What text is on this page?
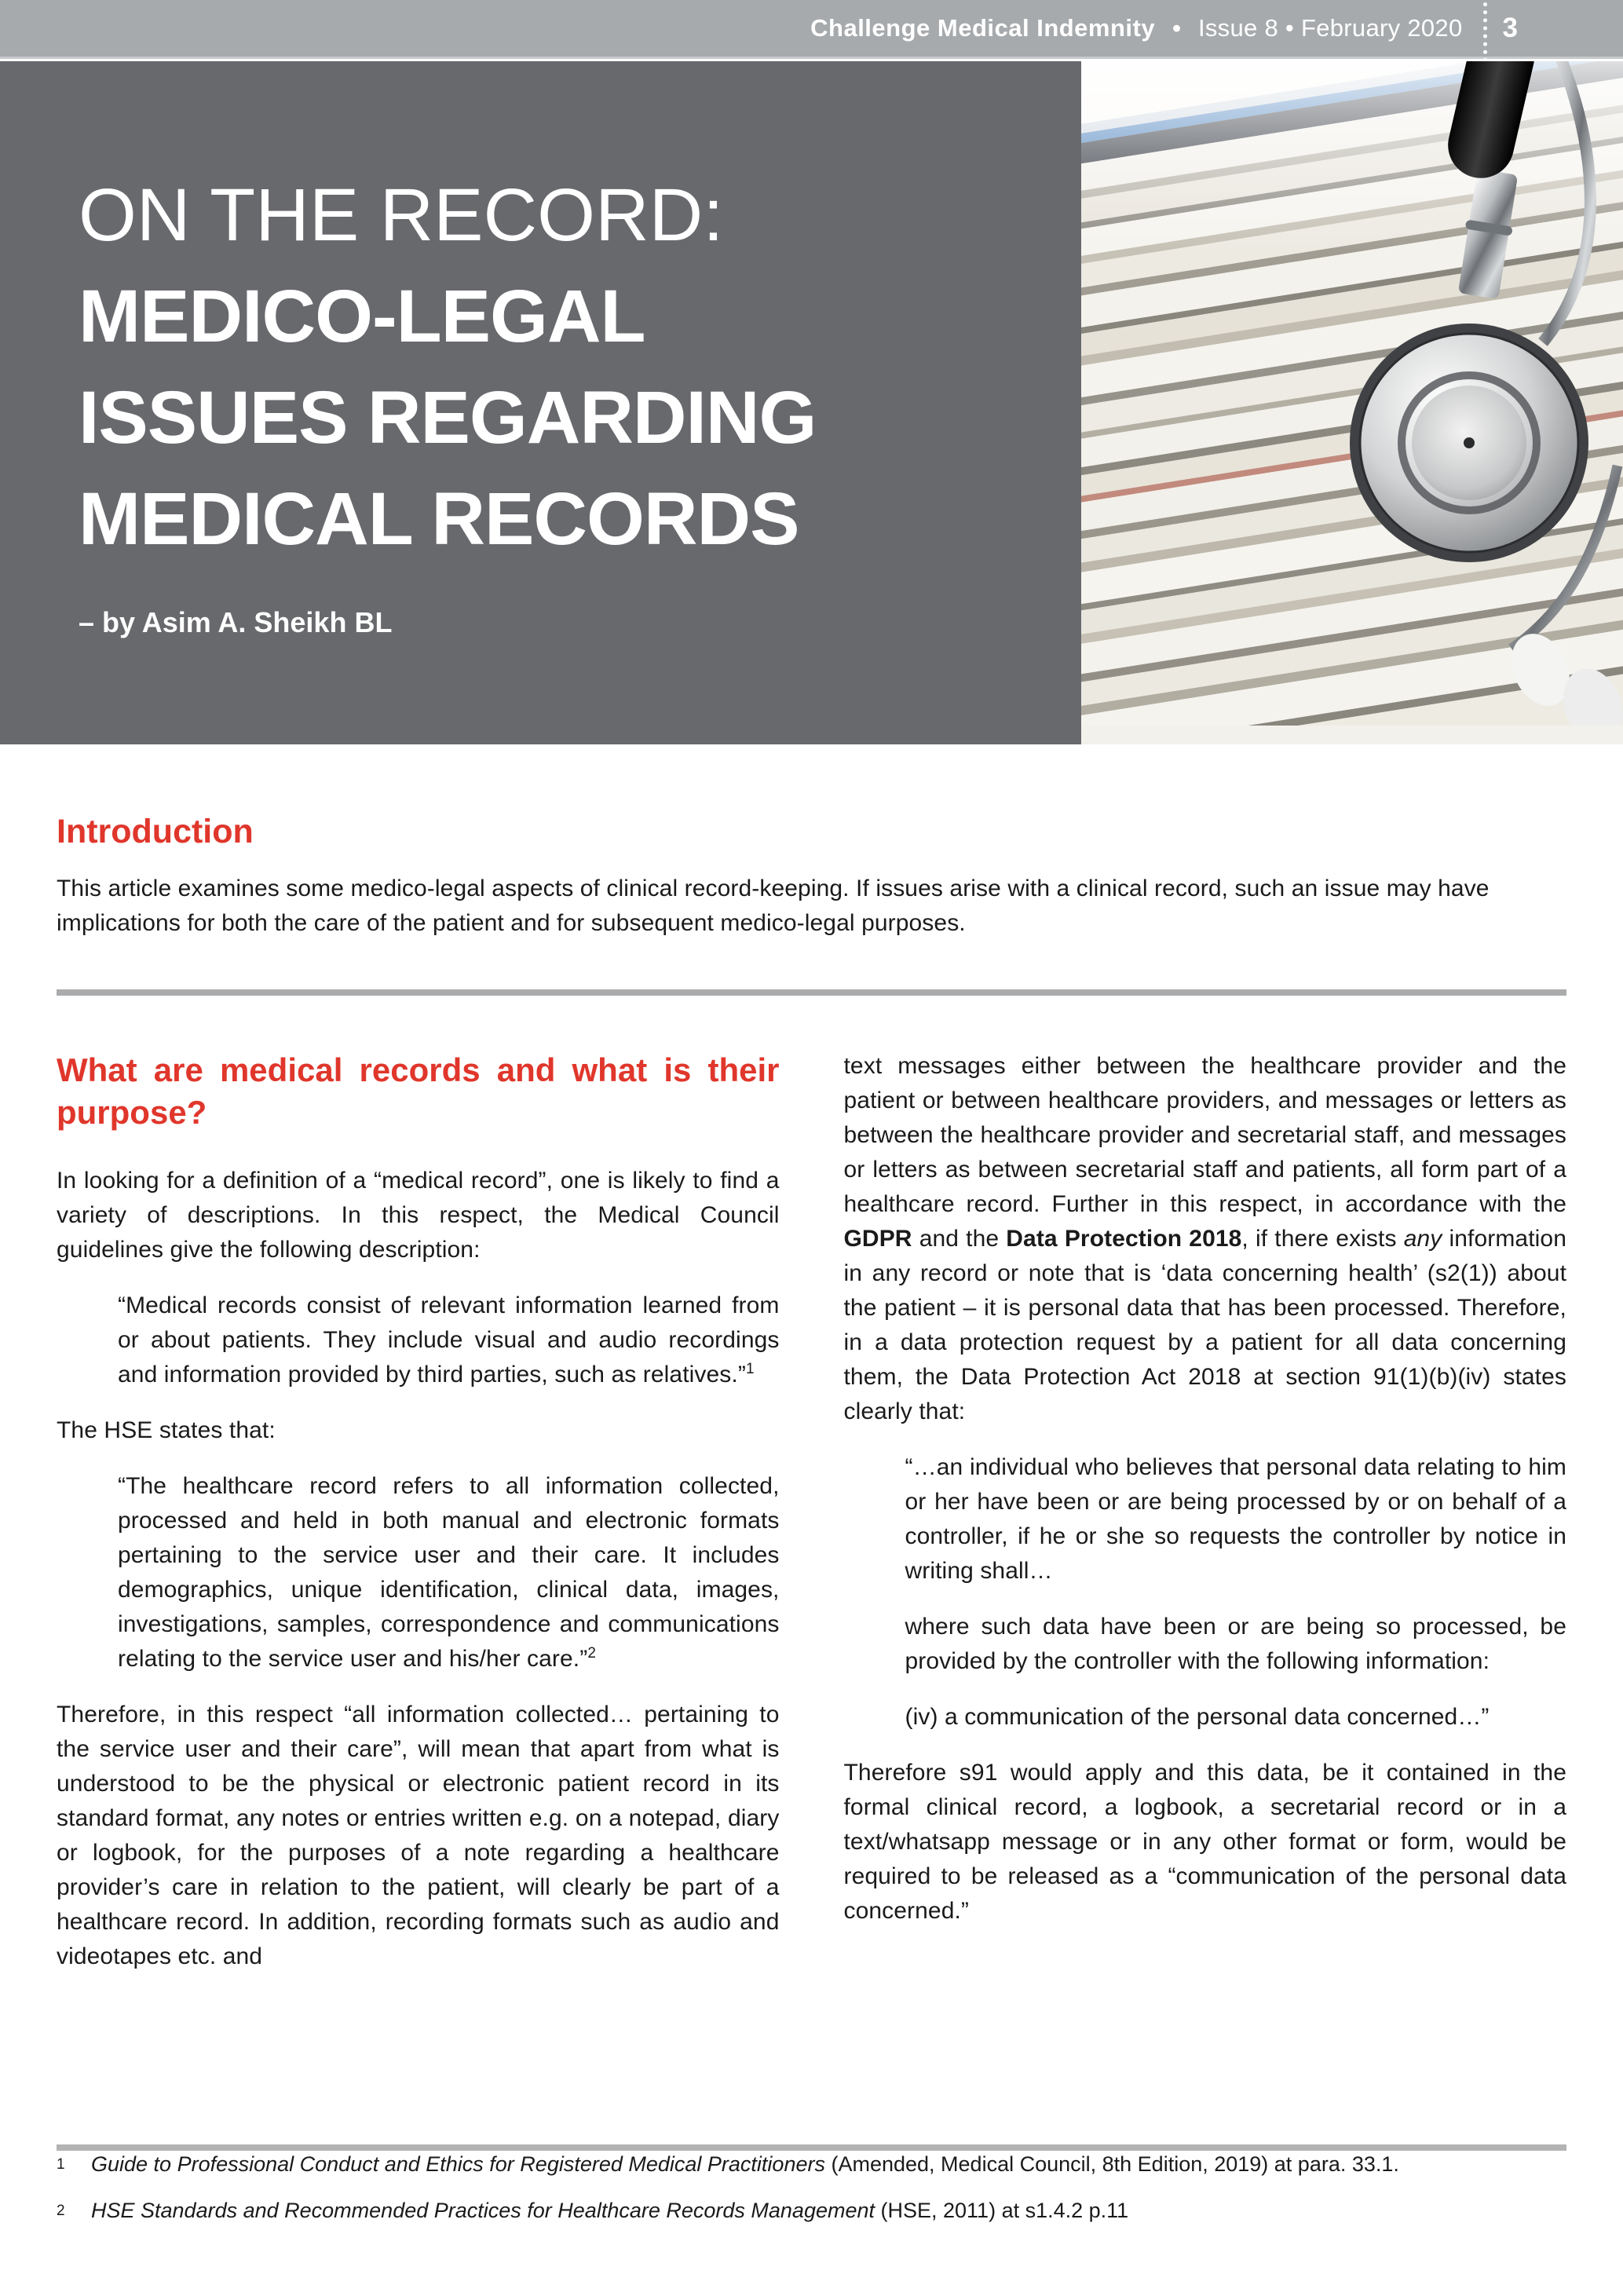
Challenge Medical Indemnity • Issue 8 • February 2020 3
ON THE RECORD:
MEDICO-LEGAL
ISSUES REGARDING
MEDICAL RECORDS
– by Asim A. Sheikh BL
Introduction
This article examines some medico-legal aspects of clinical record-keeping. If issues arise with a clinical record, such an issue may have implications for both the care of the patient and for subsequent medico-legal purposes.
What are medical records and what is their purpose?

In looking for a definition of a “medical record”, one is likely to find a variety of descriptions. In this respect, the Medical Council guidelines give the following description:

“Medical records consist of relevant information learned from or about patients. They include visual and audio recordings and information provided by third parties, such as relatives.”$^1$

The HSE states that:

“The healthcare record refers to all information collected, processed and held in both manual and electronic formats pertaining to the service user and their care. It includes demographics, unique identification, clinical data, images, investigations, samples, correspondence and communications relating to the service user and his/her care.”$^2$

Therefore, in this respect “all information collected… pertaining to the service user and their care”, will mean that apart from what is understood to be the physical or electronic patient record in its standard format, any notes or entries written e.g. on a notepad, diary or logbook, for the purposes of a note regarding a healthcare provider’s care in relation to the patient, will clearly be part of a healthcare record. In addition, recording formats such as audio and videotapes etc. and

text messages either between the healthcare provider and the patient or between healthcare providers, and messages or letters as between the healthcare provider and secretarial staff, and messages or letters as between secretarial staff and patients, all form part of a healthcare record. Further in this respect, in accordance with the GDPR and the Data Protection 2018, if there exists any information in any record or note that is ‘data concerning health’ (s2(1)) about the patient – it is personal data that has been processed. Therefore, in a data protection request by a patient for all data concerning them, the Data Protection Act 2018 at section 91(1)(b)(iv) states clearly that:

“…an individual who believes that personal data relating to him or her have been or are being processed by or on behalf of a controller, if he or she so requests the controller by notice in writing shall…

where such data have been or are being so processed, be provided by the controller with the following information:

(iv) a communication of the personal data concerned…”

Therefore s91 would apply and this data, be it contained in the formal clinical record, a logbook, a secretarial record or in a text/whatsapp message or in any other format or form, would be required to be released as a “communication of the personal data concerned.”

1	Guide to Professional Conduct and Ethics for Registered Medical Practitioners (Amended, Medical Council, 8th Edition, 2019) at para. 33.1.
2	HSE Standards and Recommended Practices for Healthcare Records Management (HSE, 2011) at s1.4.2 p.11
